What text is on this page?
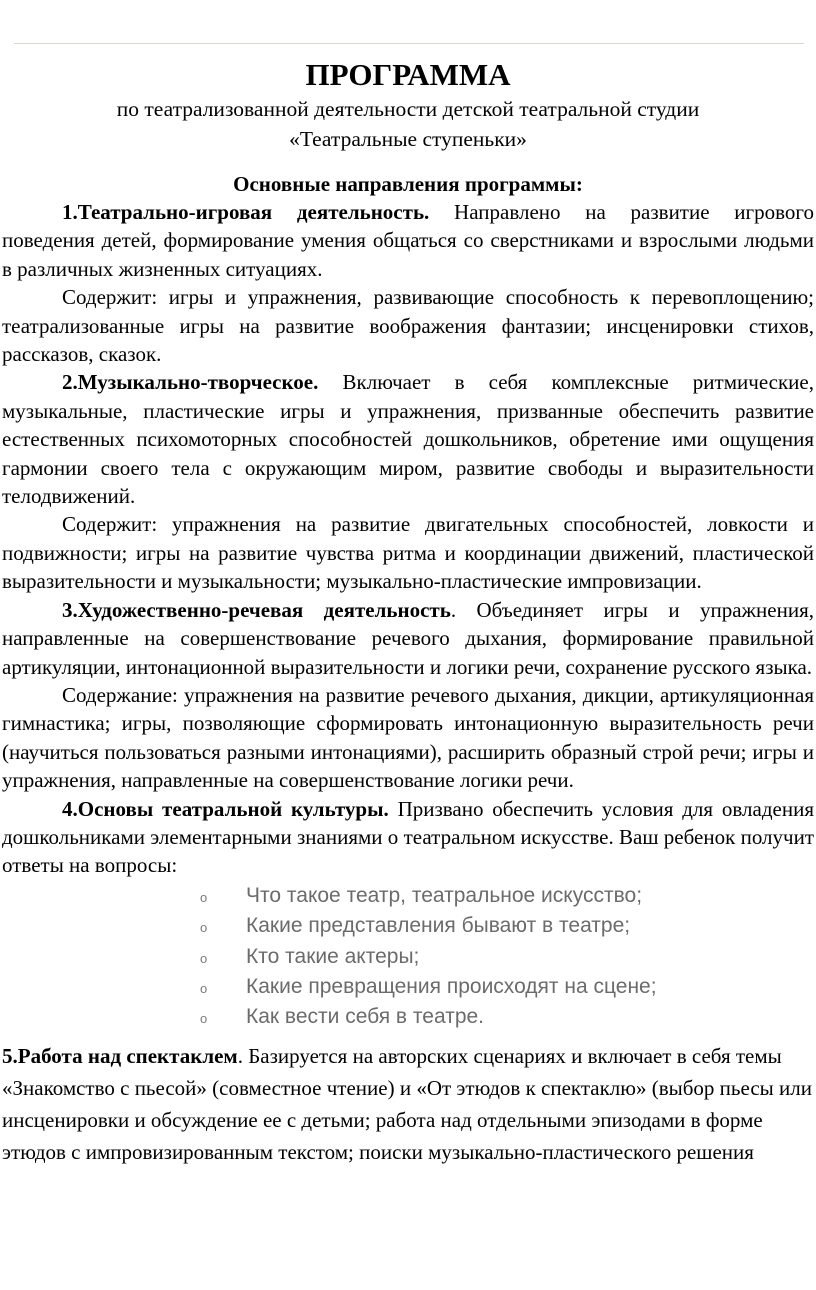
ПРОГРАММА

по театрализованной деятельности детской театральной студии

«Театральные ступеньки»

Основные направления программы:

1.Театрально-игровая деятельность. Направлено на развитие игрового поведения детей, формирование умения общаться со сверстниками и взрослыми людьми в различных жизненных ситуациях.

Содержит: игры и упражнения, развивающие способность к перевоплощению; театрализованные игры на развитие воображения фантазии; инсценировки стихов, рассказов, сказок.

2.Музыкально-творческое. Включает в себя комплексные ритмические, музыкальные, пластические игры и упражнения, призванные обеспечить развитие естественных психомоторных способностей дошкольников, обретение ими ощущения гармонии своего тела с окружающим миром, развитие свободы и выразительности телодвижений.

Содержит: упражнения на развитие двигательных способностей, ловкости и подвижности; игры на развитие чувства ритма и координации движений, пластической выразительности и музыкальности; музыкально-пластические импровизации.

3.Художественно-речевая деятельность. Объединяет игры и упражнения, направленные на совершенствование речевого дыхания, формирование правильной артикуляции, интонационной выразительности и логики речи, сохранение русского языка.

Содержание: упражнения на развитие речевого дыхания, дикции, артикуляционная гимнастика; игры, позволяющие сформировать интонационную выразительность речи (научиться пользоваться разными интонациями), расширить образный строй речи; игры и упражнения, направленные на совершенствование логики речи.

4.Основы театральной культуры. Призвано обеспечить условия для овладения дошкольниками элементарными знаниями о театральном искусстве. Ваш ребенок получит ответы на вопросы:

o	Что такое театр, театральное искусство;
o	Какие представления бывают в театре;
o	Кто такие актеры;
o	Какие превращения происходят на сцене;
o	Как вести себя в театре.

5.Работа над спектаклем. Базируется на авторских сценариях и включает в себя темы «Знакомство с пьесой» (совместное чтение) и «От этюдов к спектаклю» (выбор пьесы или инсценировки и обсуждение ее с детьми; работа над отдельными эпизодами в форме этюдов с импровизированным текстом; поиски музыкально-пластического решения
